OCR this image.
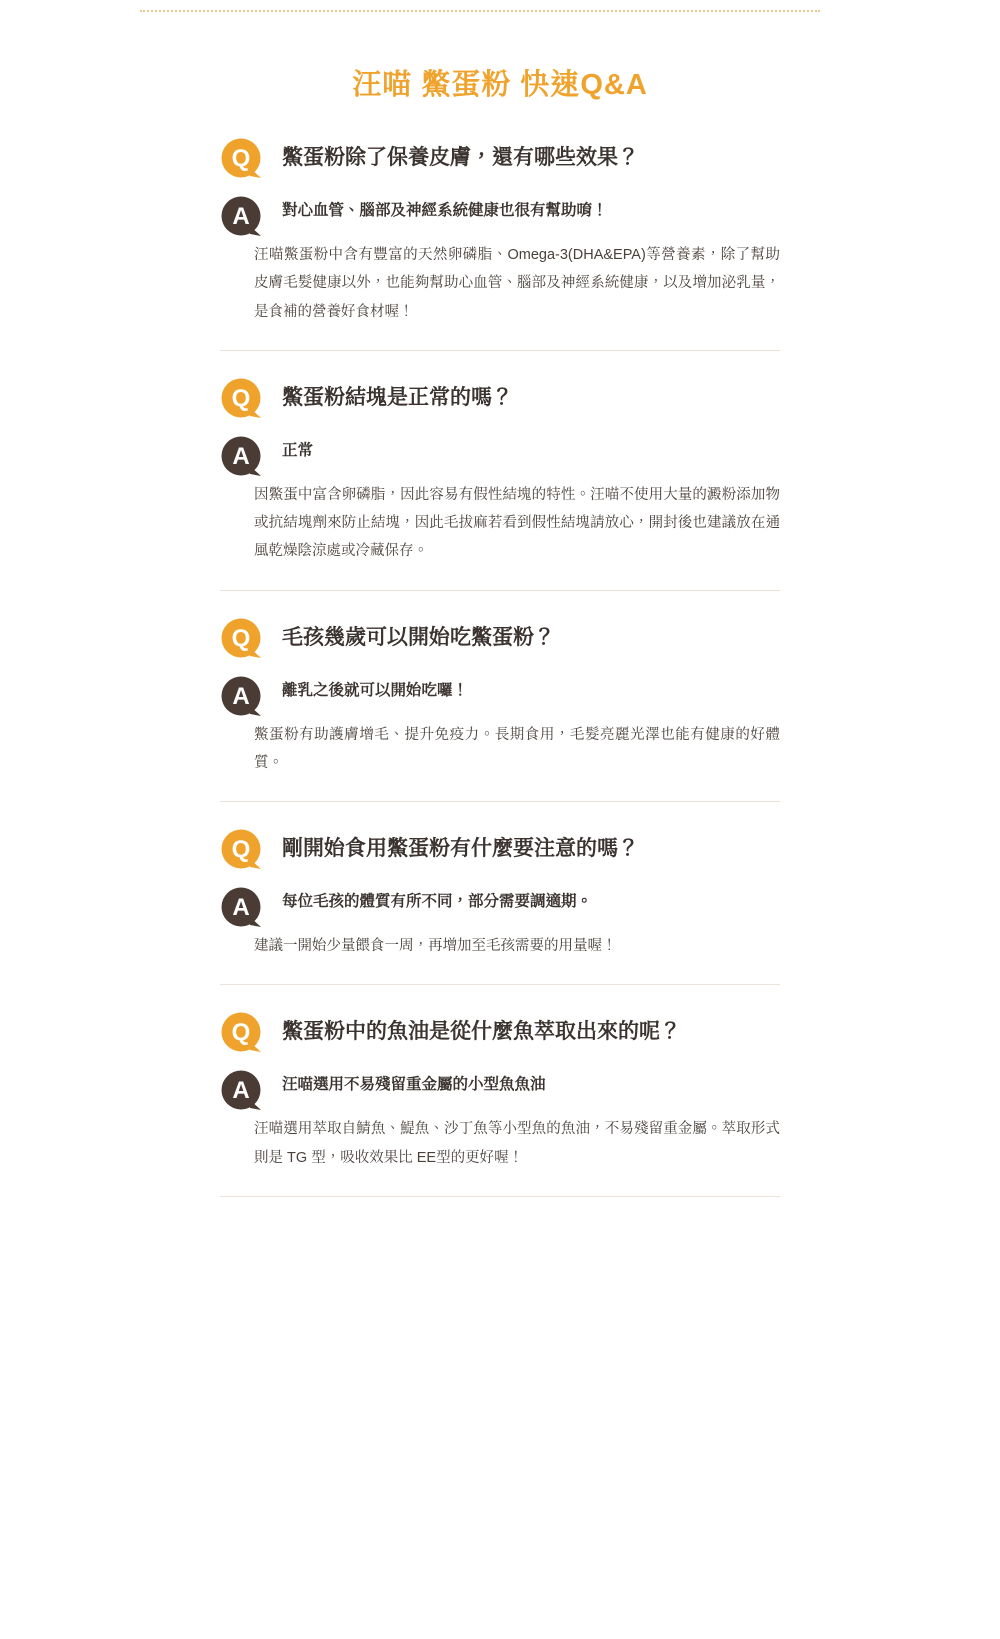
汪喵 鱉蛋粉 快速Q&A
Q 鱉蛋粉除了保養皮膚，還有哪些效果？
A 對心血管、腦部及神經系統健康也很有幫助唷！
汪喵鱉蛋粉中含有豐富的天然卵磷脂、Omega-3(DHA&EPA)等營養素，除了幫助皮膚毛髮健康以外，也能夠幫助心血管、腦部及神經系統健康，以及增加泌乳量，是食補的營養好食材喔！
Q 鱉蛋粉結塊是正常的嗎？
A 正常
因鱉蛋中富含卵磷脂，因此容易有假性結塊的特性。汪喵不使用大量的澱粉添加物或抗結塊劑來防止結塊，因此毛拔麻若看到假性結塊請放心，開封後也建議放在通風乾燥陰涼處或冷藏保存。
Q 毛孩幾歲可以開始吃鱉蛋粉？
A 離乳之後就可以開始吃囉！
鱉蛋粉有助護膚增毛、提升免疫力。長期食用，毛髮亮麗光澤也能有健康的好體質。
Q 剛開始食用鱉蛋粉有什麼要注意的嗎？
A 每位毛孩的體質有所不同，部分需要調適期。
建議一開始少量餵食一周，再增加至毛孩需要的用量喔！
Q 鱉蛋粉中的魚油是從什麼魚萃取出來的呢？
A 汪喵選用不易殘留重金屬的小型魚魚油
汪喵選用萃取自鯖魚、鯷魚、沙丁魚等小型魚的魚油，不易殘留重金屬。萃取形式則是 TG 型，吸收效果比 EE型的更好喔！
